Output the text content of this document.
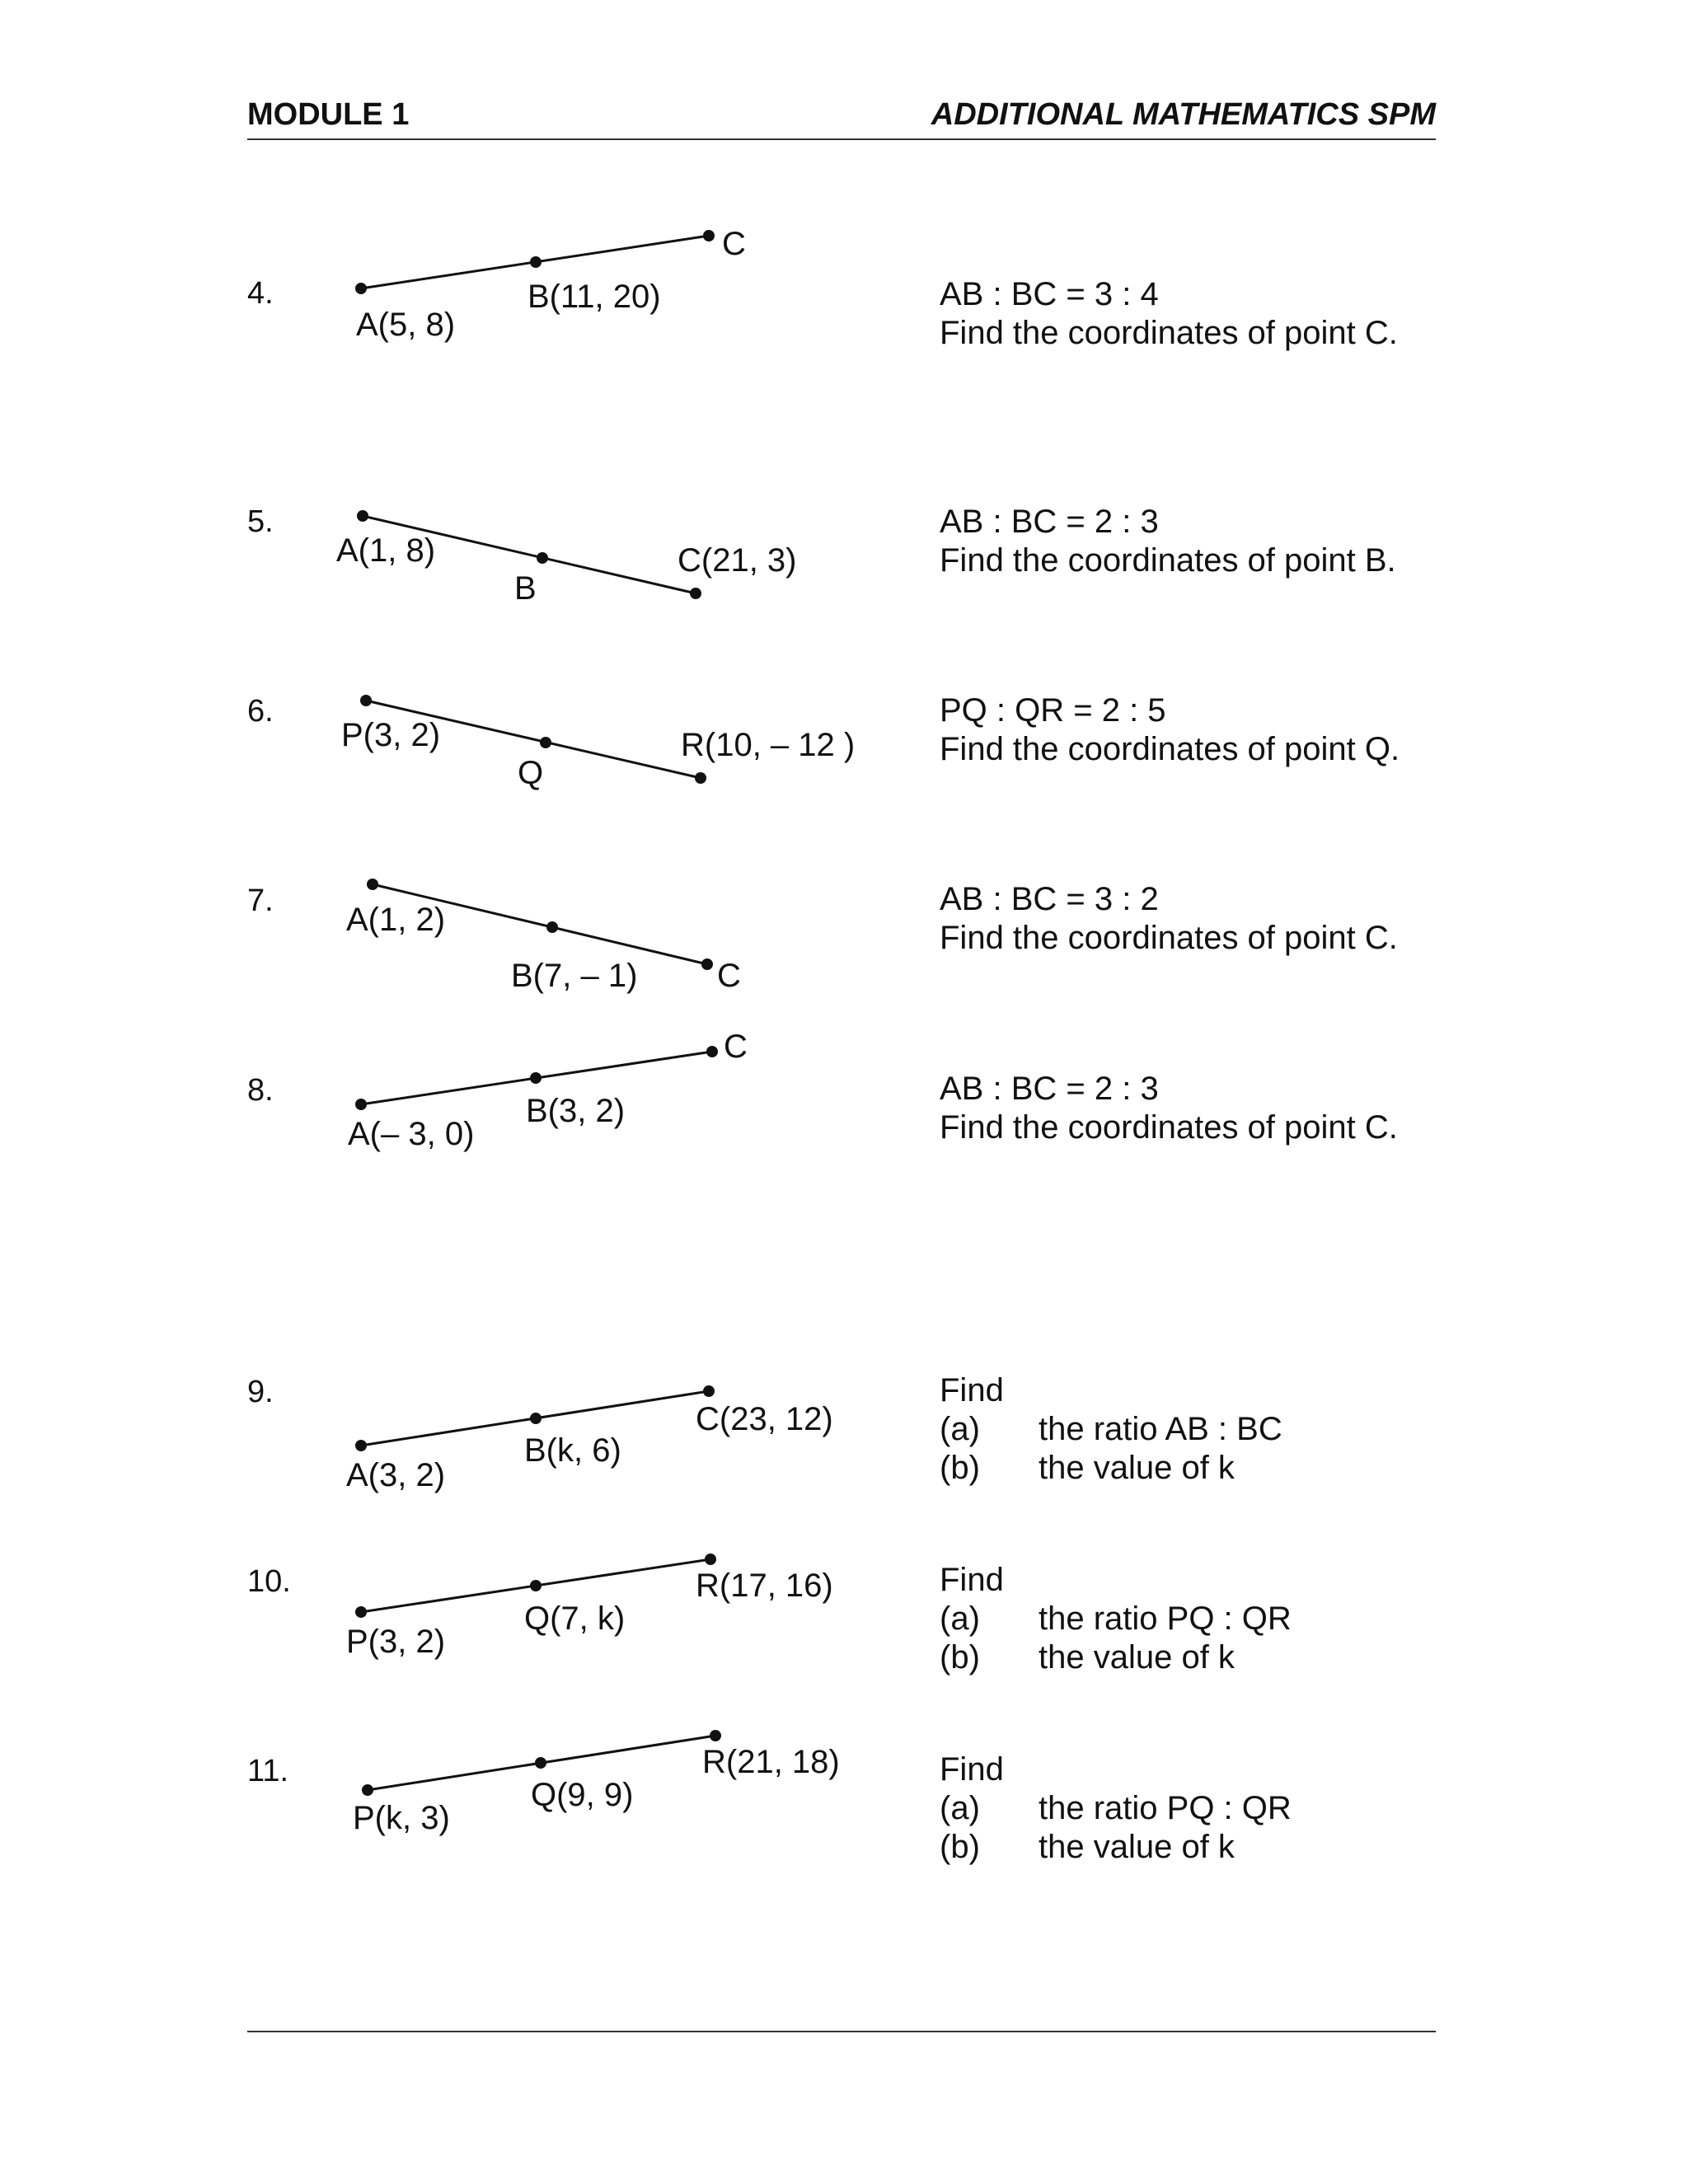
MODULE 1	ADDITIONAL MATHEMATICS SPM
4.
A(5, 8)
B(11, 20)
C
AB : BC = 3 : 4
Find the coordinates of point C.
5.
A(1, 8)
B
C(21, 3)
AB : BC = 2 : 3
Find the coordinates of point B.
6.
P(3, 2)
Q
R(10, – 12 )
PQ : QR = 2 : 5
Find the coordinates of point Q.
7.
A(1, 2)
B(7, – 1) C
AB : BC = 3 : 2
Find the coordinates of point C.
8.
A(– 3, 0)
B(3, 2)
C
AB : BC = 2 : 3
Find the coordinates of point C.
9.
A(3, 2)
B(k, 6)
C(23, 12)
Find
(a) the ratio AB : BC
(b) the value of k
10.
P(3, 2)
Q(7, k)
R(17, 16)	Find
(a) the ratio PQ : QR
(b) the value of k
11.
P(k, 3)
Q(9, 9)
R(21, 18)	Find
(a) the ratio PQ : QR
(b) the value of k
